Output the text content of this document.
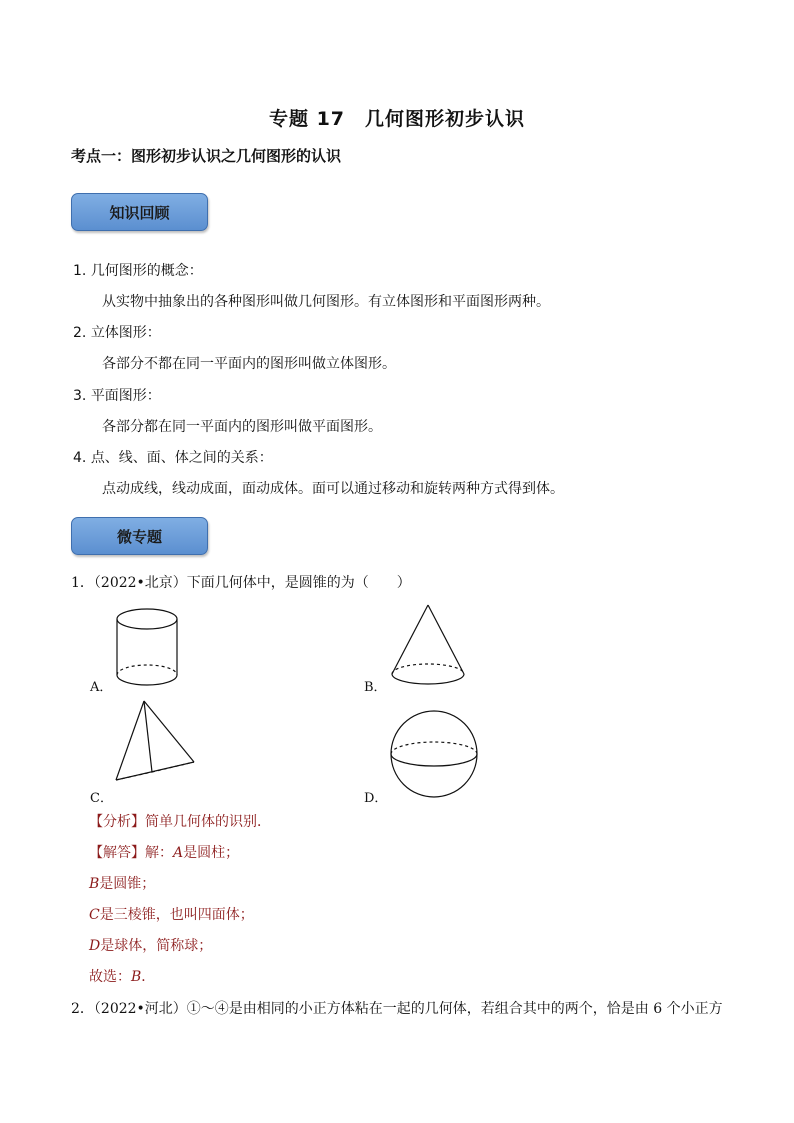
专题 17　几何图形初步认识
考点一：图形初步认识之几何图形的认识
知识回顾
1. 几何图形的概念：
从实物中抽象出的各种图形叫做几何图形。有立体图形和平面图形两种。
2. 立体图形：
各部分不都在同一平面内的图形叫做立体图形。
3. 平面图形：
各部分都在同一平面内的图形叫做平面图形。
4. 点、线、面、体之间的关系：
点动成线，线动成面，面动成体。面可以通过移动和旋转两种方式得到体。
微专题
1．（2022•北京）下面几何体中，是圆锥的为（　　）
A．	B．
C．	D．
【分析】简单几何体的识别．
【解答】解：A是圆柱；
B是圆锥；
C是三棱锥，也叫四面体；
D是球体，简称球；
故选：B．
2．（2022•河北）①～④是由相同的小正方体粘在一起的几何体，若组合其中的两个，恰是由 6 个小正方
